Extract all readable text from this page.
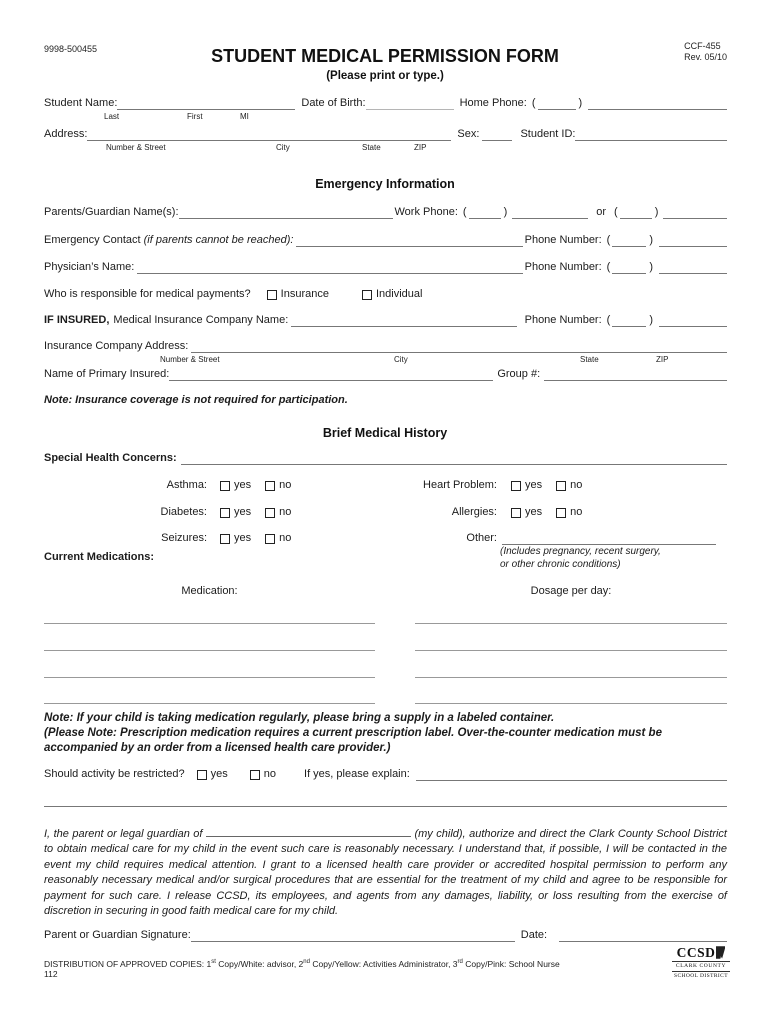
9998-500455	STUDENT MEDICAL PERMISSION FORM
(Please print or type.)
CCF-455
Rev. 05/10
Student Name:	Date of Birth:	Home Phone: (	)
Last	First	MI
Address:	Sex:	Student ID:
Number & Street	City	State	ZIP
Emergency Information
Parents/Guardian Name(s):	Work Phone: (	)	or (	)
Emergency Contact (if parents cannot be reached):	Phone Number: (	)
Physician’s Name:	Phone Number: (	)
Who is responsible for medical payments?	Insurance	Individual
IF INSURED, Medical Insurance Company Name:	Phone Number: (	)
Insurance Company Address:
Number & Street	City	State	ZIP
Name of Primary Insured:	Group #:
Note: Insurance coverage is not required for participation.
Brief Medical History
Special Health Concerns:
Asthma: yes	no	Heart Problem:	yes	no
Diabetes: yes	no	Allergies:	yes	no
Seizures: yes	no	Other:
(Includes pregnancy, recent surgery,
or other chronic conditions)
Current Medications:
Medication:	Dosage per day:
Note: If your child is taking medication regularly, please bring a supply in a labeled container.
(Please Note: Prescription medication requires a current prescription label. Over-the-counter medication must be
accompanied by an order from a licensed health care provider.)
Should activity be restricted? yes	no	If yes, please explain:

I, the parent or legal guardian of	(my child), authorize and direct the Clark County School District to obtain medical care for my child in the event such care is reasonably necessary. I understand that, if possible, I will be contacted in the event my child requires medical attention. I grant to a licensed health care provider or accredited hospital permission to perform any reasonably necessary medical and/or surgical procedures that are essential for the treatment of my child and agree to be responsible for payment for such care. I release CCSD, its employees, and agents from any damages, liability, or loss resulting from the exercise of discretion in securing in good faith medical care for my child.

Parent or Guardian Signature:	Date:
DISTRIBUTION OF APPROVED COPIES: 1st Copy/White: advisor, 2nd Copy/Yellow: Activities Administrator, 3rd Copy/Pink: School Nurse
112
CCSD
CLARK COUNTY
SCHOOL DISTRICT
